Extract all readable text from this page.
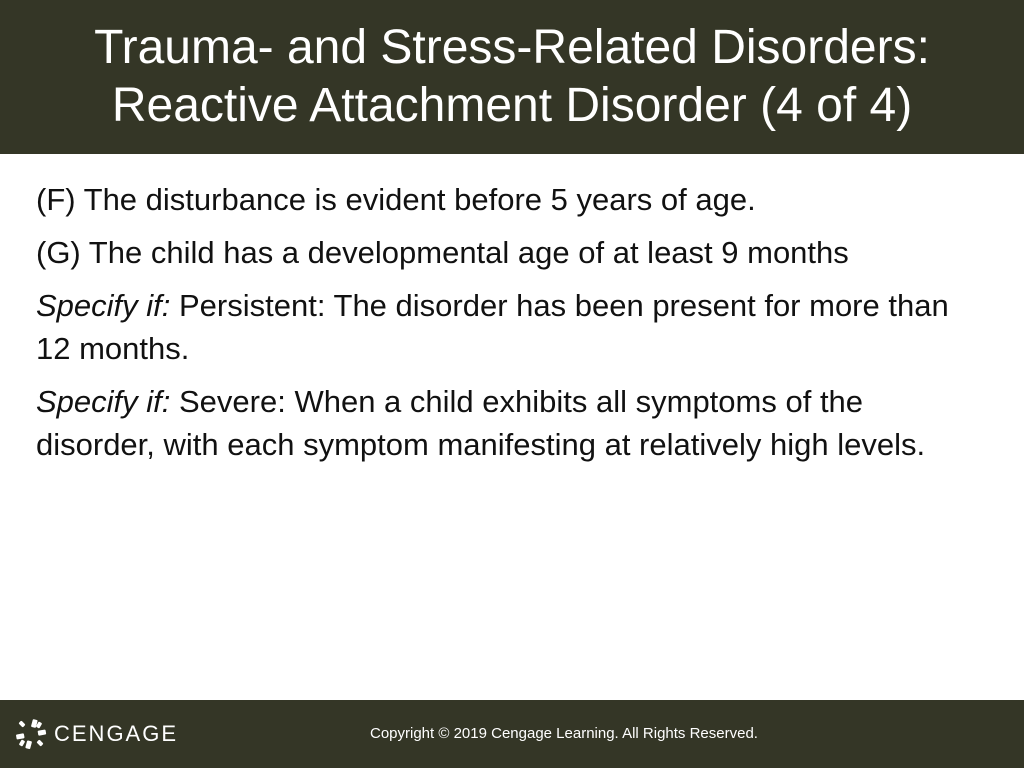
Trauma- and Stress-Related Disorders:
Reactive Attachment Disorder (4 of 4)

(F) The disturbance is evident before 5 years of age.

(G) The child has a developmental age of at least 9 months

Specify if: Persistent: The disorder has been present for more than 12 months.

Specify if: Severe: When a child exhibits all symptoms of the disorder, with each symptom manifesting at relatively high levels.

CENGAGE	Copyright © 2019 Cengage Learning. All Rights Reserved.
